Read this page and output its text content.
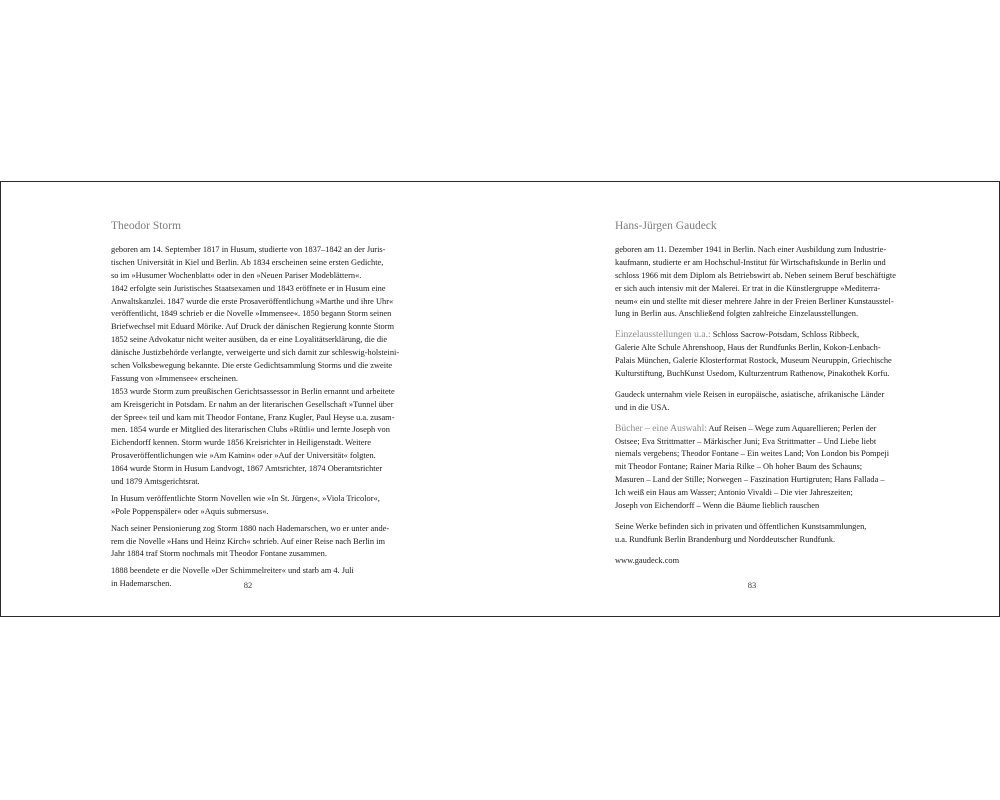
Theodor Storm
geboren am 14. September 1817 in Husum, studierte von 1837–1842 an der Juris-
tischen Universität in Kiel und Berlin. Ab 1834 erscheinen seine ersten Gedichte,
so im »Husumer Wochenblatt« oder in den »Neuen Pariser Modeblättern«.
1842 erfolgte sein Juristisches Staatsexamen und 1843 eröffnete er in Husum eine
Anwaltskanzlei. 1847 wurde die erste Prosaveröffentlichung »Marthe und ihre Uhr«
veröffentlicht, 1849 schrieb er die Novelle »Immensee«. 1850 begann Storm seinen
Briefwechsel mit Eduard Mörike. Auf Druck der dänischen Regierung konnte Storm
1852 seine Advokatur nicht weiter ausüben, da er eine Loyalitätserklärung, die die
dänische Justizbehörde verlangte, verweigerte und sich damit zur schleswig-holsteini-
schen Volksbewegung bekannte. Die erste Gedichtsammlung Storms und die zweite
Fassung von »Immensee« erscheinen.
1853 wurde Storm zum preußischen Gerichtsassessor in Berlin ernannt und arbeitete
am Kreisgericht in Potsdam. Er nahm an der literarischen Gesellschaft »Tunnel über
der Spree« teil und kam mit Theodor Fontane, Franz Kugler, Paul Heyse u.a. zusam-
men. 1854 wurde er Mitglied des literarischen Clubs »Rütli« und lernte Joseph von
Eichendorff kennen. Storm wurde 1856 Kreisrichter in Heiligenstadt. Weitere
Prosaveröffentlichungen wie »Am Kamin« oder »Auf der Universität« folgten.
1864 wurde Storm in Husum Landvogt, 1867 Amtsrichter, 1874 Oberamtsrichter
und 1879 Amtsgerichtsrat.
In Husum veröffentlichte Storm Novellen wie »In St. Jürgen«, »Viola Tricolor«,
»Pole Poppenspäler« oder »Aquis submersus«.
Nach seiner Pensionierung zog Storm 1880 nach Hademarschen, wo er unter ande-
rem die Novelle »Hans und Heinz Kirch« schrieb. Auf einer Reise nach Berlin im
Jahr 1884 traf Storm nochmals mit Theodor Fontane zusammen.
1888 beendete er die Novelle »Der Schimmelreiter« und starb am 4. Juli
in Hademarschen.	82
Hans-Jürgen Gaudeck
geboren am 11. Dezember 1941 in Berlin. Nach einer Ausbildung zum Industrie-
kaufmann, studierte er am Hochschul-Institut für Wirtschaftskunde in Berlin und
schloss 1966 mit dem Diplom als Betriebswirt ab. Neben seinem Beruf beschäftigte
er sich auch intensiv mit der Malerei. Er trat in die Künstlergruppe »Mediterra-
neum« ein und stellte mit dieser mehrere Jahre in der Freien Berliner Kunstausstel-
lung in Berlin aus. Anschließend folgten zahlreiche Einzelausstellungen.
Einzelausstellungen u.a.: Schloss Sacrow-Potsdam, Schloss Ribbeck,
Galerie Alte Schule Ahrenshoop, Haus der Rundfunks Berlin, Kokon-Lenbach-
Palais München, Galerie Klosterformat Rostock, Museum Neuruppin, Griechische
Kulturstiftung, BuchKunst Usedom, Kulturzentrum Rathenow, Pinakothek Korfu.
Gaudeck unternahm viele Reisen in europäische, asiatische, afrikanische Länder
und in die USA.
Bücher – eine Auswahl: Auf Reisen – Wege zum Aquarellieren; Perlen der
Ostsee; Eva Strittmatter – Märkischer Juni; Eva Strittmatter – Und Liebe liebt
niemals vergebens; Theodor Fontane – Ein weites Land; Von London bis Pompeji
mit Theodor Fontane; Rainer Maria Rilke – Oh hoher Baum des Schauns;
Masuren – Land der Stille; Norwegen – Faszination Hurtigruten; Hans Fallada –
Ich weiß ein Haus am Wasser; Antonio Vivaldi – Die vier Jahreszeiten;
Joseph von Eichendorff – Wenn die Bäume lieblich rauschen
Seine Werke befinden sich in privaten und öffentlichen Kunstsammlungen,
u.a. Rundfunk Berlin Brandenburg und Norddeutscher Rundfunk.
www.gaudeck.com
83
